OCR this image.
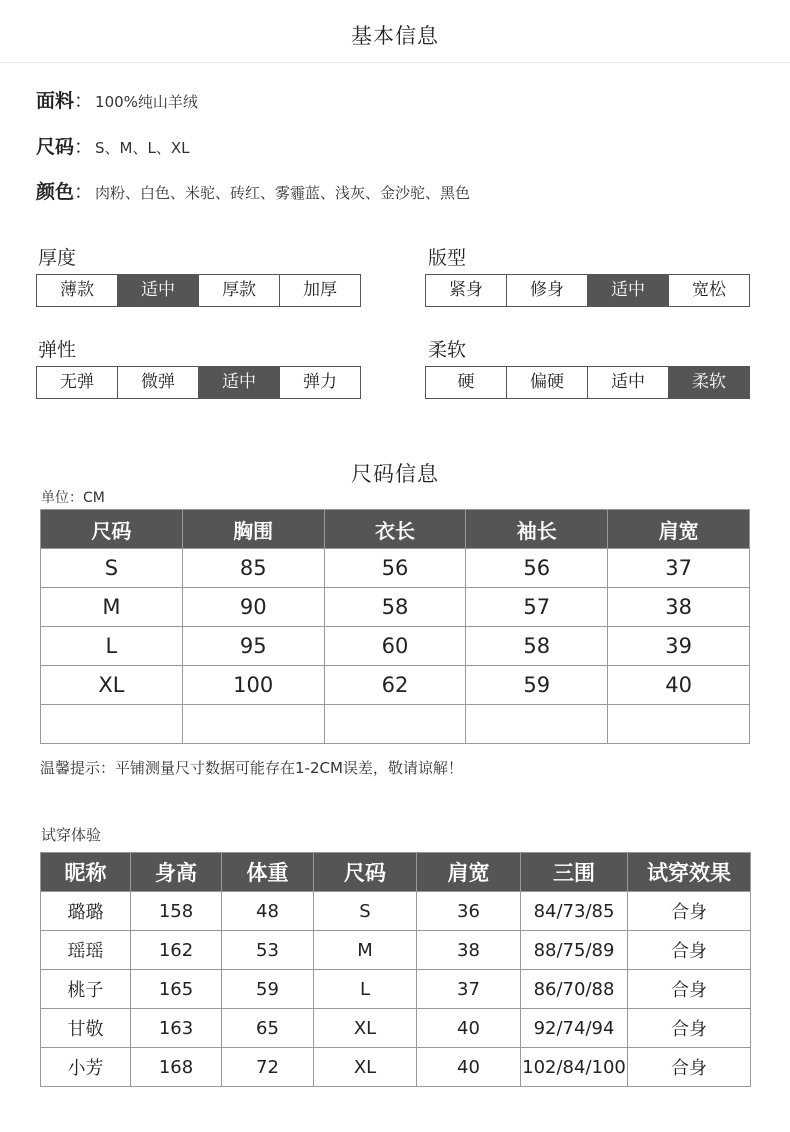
基本信息
面料： 100%纯山羊绒
尺码： S、M、L、XL
颜色： 肉粉、白色、米驼、砖红、雾霾蓝、浅灰、金沙驼、黑色
厚度
薄款	适中	厚款	加厚
版型
紧身	修身	适中	宽松
弹性
无弹	微弹	适中	弹力
柔软
硬	偏硬	适中	柔软
尺码信息
单位：CM
尺码	胸围	衣长	袖长	肩宽
S	85	56	56	37
M	90	58	57	38
L	95	60	58	39
XL	100	62	59	40

温馨提示：平铺测量尺寸数据可能存在1-2CM误差，敬请谅解！
试穿体验
昵称	身高	体重	尺码	肩宽	三围	试穿效果
璐璐	158	48	S	36	84/73/85	合身
瑶瑶	162	53	M	38	88/75/89	合身
桃子	165	59	L	37	86/70/88	合身
甘敬	163	65	XL	40	92/74/94	合身
小芳	168	72	XL	40	102/84/100	合身
